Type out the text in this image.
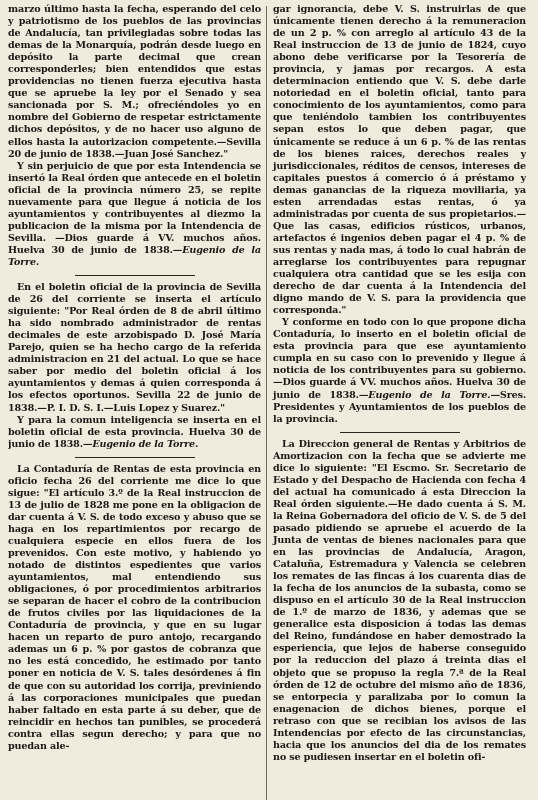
marzo último hasta la fecha, esperando del celo y patriotismo de los pueblos de las provincias de Andalucía, tan privilegiadas sobre todas las demas de la Monarquía, podrán desde luego en depósito la parte decimal que crean corresponderles; bien entendidos que estas providencias no tienen fuerza ejecutiva hasta que se apruebe la ley por el Senado y sea sancionada por S. M.; ofreciéndoles yo en nombre del Gobierno de respetar estrictamente dichos depósitos, y de no hacer uso alguno de ellos hasta la autorizacion competente.—Sevilla 20 de junio de 1838.—Juan José Sanchez."

Y sin perjuicio de que por esta Intendencia se insertó la Real órden que antecede en el boletin oficial de la provincia número 25, se repite nuevamente para que llegue á noticia de los ayuntamientos y contribuyentes al diezmo la publicacion de la misma por la Intendencia de Sevilla. —Dios guarde á VV. muchos años. Huelva 30 de junio de 1838.—Eugenio de la Torre.

En el boletin oficial de la provincia de Sevilla de 26 del corriente se inserta el artículo siguiente: "Por Real órden de 8 de abril último ha sido nombrado administrador de rentas decimales de este arzobispado D. José María Parejo, quien se ha hecho cargo de la referida administracion en 21 del actual. Lo que se hace saber por medio del boletin oficial á los ayuntamientos y demas á quien corresponda á los efectos oportunos. Sevilla 22 de junio de 1838.—P. I. D. S. I.—Luis Lopez y Suarez."

Y para la comun inteligencia se inserta en el boletin oficial de esta provincia. Huelva 30 de junio de 1838.—Eugenio de la Torre.

La Contaduría de Rentas de esta provincia en oficio fecha 26 del corriente me dice lo que sigue: "El artículo 3.º de la Real instruccion de 13 de julio de 1828 me pone en la obligacion de dar cuenta á V. S. de todo exceso y abuso que se haga en los repartimientos por recargo de cualquiera especie en ellos fuera de los prevenidos. Con este motivo, y habiendo yo notado de distintos espedientes que varios ayuntamientos, mal entendiendo sus obligaciones, ó por procedimientos arbitrarios se separan de hacer el cobro de la contribucion de frutos civiles por las liquidaciones de la Contaduría de provincia, y que en su lugar hacen un reparto de puro antojo, recargando ademas un 6 p. % por gastos de cobranza que no les está concedido, he estimado por tanto poner en noticia de V. S. tales desórdenes á fin de que con su autoridad los corrija, previniendo á las corporaciones municipales que puedan haber faltado en esta parte á su deber, que de reincidir en hechos tan punibles, se procederá contra ellas segun derecho; y para que no puedan ale-

gar ignorancia, debe V. S. instruirlas de que únicamente tienen derecho á la remuneracion de un 2 p. % con arreglo al artículo 43 de la Real instruccion de 13 de junio de 1824, cuyo abono debe verificarse por la Tesorería de provincia, y jamas por recargos. A esta determinacion entiendo que V. S. debe darle notoriedad en el boletin oficial, tanto para conocimiento de los ayuntamientos, como para que teniéndolo tambien los contribuyentes sepan estos lo que deben pagar, que únicamente se reduce á un 6 p. % de las rentas de los bienes raices, derechos reales y jurisdiccionales, réditos de censos, intereses de capitales puestos á comercio ó á préstamo y demas ganancias de la riqueza moviliaria, ya esten arrendadas estas rentas, ó ya administradas por cuenta de sus propietarios.—Que las casas, edificios rústicos, urbanos, artefactos é ingenios deben pagar el 4 p. % de sus rentas y nada mas, á todo lo cual habrán de arreglarse los contribuyentes para repugnar cualquiera otra cantidad que se les esija con derecho de dar cuenta á la Intendencia del digno mando de V. S. para la providencia que corresponda."

Y conforme en todo con lo que propone dicha Contaduría, lo inserto en el boletin oficial de esta provincia para que ese ayuntamiento cumpla en su caso con lo prevenido y llegue á noticia de los contribuyentes para su gobierno.—Dios guarde á VV. muchos años. Huelva 30 de junio de 1838.—Eugenio de la Torre.—Sres. Presidentes y Ayuntamientos de los pueblos de la provincia.

La Direccion general de Rentas y Arbitrios de Amortizacion con la fecha que se advierte me dice lo siguiente: "El Escmo. Sr. Secretario de Estado y del Despacho de Hacienda con fecha 4 del actual ha comunicado á esta Direccion la Real órden siguiente.—He dado cuenta á S. M. la Reina Gobernadora del oficio de V. S. de 5 del pasado pidiendo se apruebe el acuerdo de la Junta de ventas de bienes nacionales para que en las provincias de Andalucía, Aragon, Cataluña, Estremadura y Valencia se celebren los remates de las fincas á los cuarenta dias de la fecha de los anuncios de la subasta, como se dispuso en el artículo 30 de la Real instruccion de 1.º de marzo de 1836, y ademas que se generalice esta disposicion á todas las demas del Reino, fundándose en haber demostrado la esperiencia, que lejos de haberse conseguido por la reduccion del plazo á treinta dias el objeto que se propuso la regla 7.ª de la Real órden de 12 de octubre del mismo año de 1836, se entorpecia y paralizaba por lo comun la enagenacion de dichos bienes, porque el retraso con que se recibian los avisos de las Intendencias por efecto de las circunstancias, hacia que los anuncios del dia de los remates no se pudiesen insertar en el boletin ofi-
